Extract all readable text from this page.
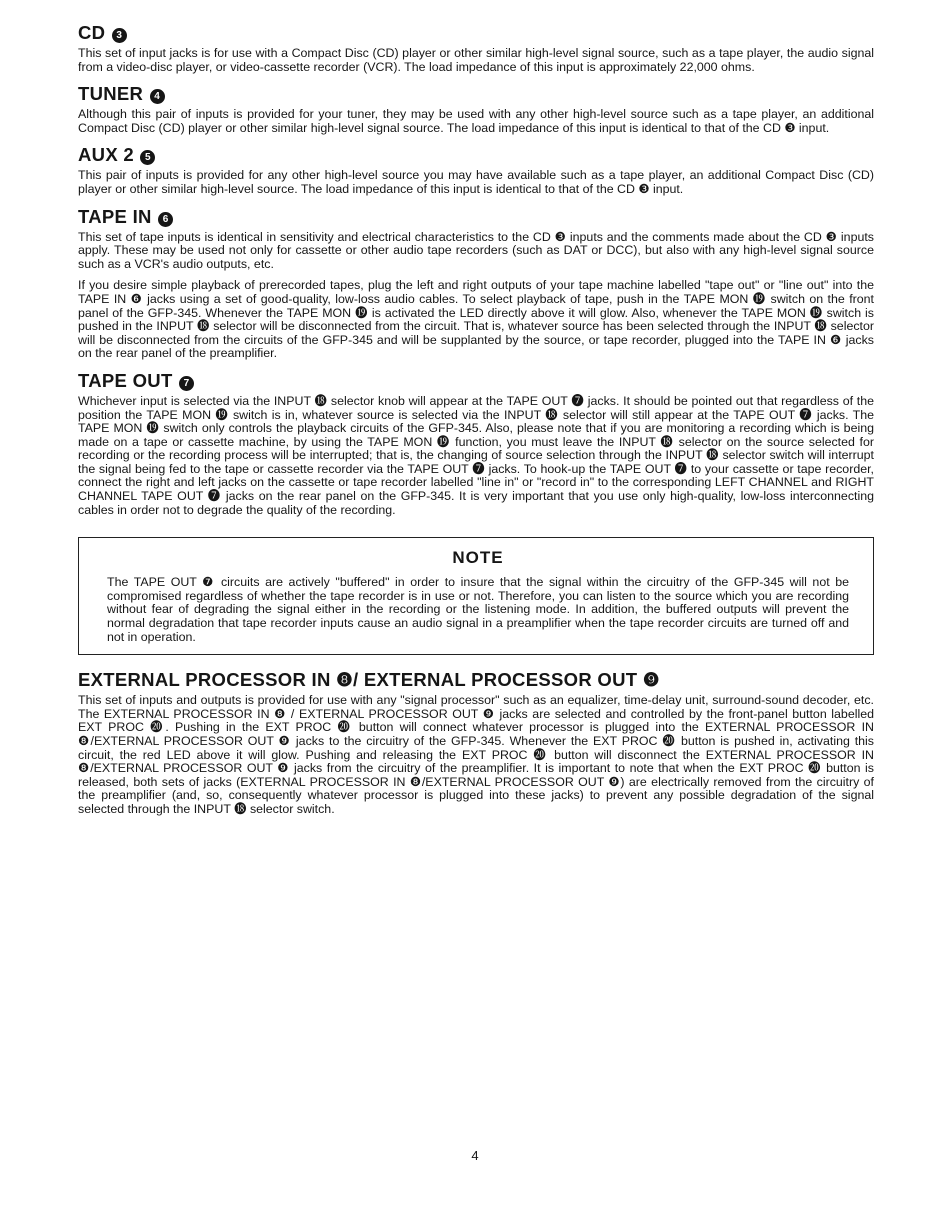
CD 3

This set of input jacks is for use with a Compact Disc (CD) player or other similar high-level signal source, such as a tape player, the audio signal from a video-disc player, or video-cassette recorder (VCR). The load impedance of this input is approximately 22,000 ohms.

TUNER 4

Although this pair of inputs is provided for your tuner, they may be used with any other high-level source such as a tape player, an additional Compact Disc (CD) player or other similar high-level signal source. The load impedance of this input is identical to that of the CD ❸ input.

AUX 2 5

This pair of inputs is provided for any other high-level source you may have available such as a tape player, an additional Compact Disc (CD) player or other similar high-level source. The load impedance of this input is identical to that of the CD ❸ input.

TAPE IN 6

This set of tape inputs is identical in sensitivity and electrical characteristics to the CD ❸ inputs and the comments made about the CD ❸ inputs apply. These may be used not only for cassette or other audio tape recorders (such as DAT or DCC), but also with any high-level signal source such as a VCR's audio outputs, etc.

If you desire simple playback of prerecorded tapes, plug the left and right outputs of your tape machine labelled "tape out" or "line out" into the TAPE IN ❻ jacks using a set of good-quality, low-loss audio cables. To select playback of tape, push in the TAPE MON ⓳ switch on the front panel of the GFP-345. Whenever the TAPE MON ⓳ is activated the LED directly above it will glow. Also, whenever the TAPE MON ⓳ switch is pushed in the INPUT ⓲ selector will be disconnected from the circuit. That is, whatever source has been selected through the INPUT ⓲ selector will be disconnected from the circuits of the GFP-345 and will be supplanted by the source, or tape recorder, plugged into the TAPE IN ❻ jacks on the rear panel of the preamplifier.

TAPE OUT 7

Whichever input is selected via the INPUT ⓲ selector knob will appear at the TAPE OUT ❼ jacks. It should be pointed out that regardless of the position the TAPE MON ⓳ switch is in, whatever source is selected via the INPUT ⓲ selector will still appear at the TAPE OUT ❼ jacks. The TAPE MON ⓳ switch only controls the playback circuits of the GFP-345. Also, please note that if you are monitoring a recording which is being made on a tape or cassette machine, by using the TAPE MON ⓳ function, you must leave the INPUT ⓲ selector on the source selected for recording or the recording process will be interrupted; that is, the changing of source selection through the INPUT ⓲ selector switch will interrupt the signal being fed to the tape or cassette recorder via the TAPE OUT ❼ jacks. To hook-up the TAPE OUT ❼ to your cassette or tape recorder, connect the right and left jacks on the cassette or tape recorder labelled "line in" or "record in" to the corresponding LEFT CHANNEL and RIGHT CHANNEL TAPE OUT ❼ jacks on the rear panel on the GFP-345. It is very important that you use only high-quality, low-loss interconnecting cables in order not to degrade the quality of the recording.

NOTE

The TAPE OUT ❼ circuits are actively "buffered" in order to insure that the signal within the circuitry of the GFP-345 will not be compromised regardless of whether the tape recorder is in use or not. Therefore, you can listen to the source which you are recording without fear of degrading the signal either in the recording or the listening mode. In addition, the buffered outputs will prevent the normal degradation that tape recorder inputs cause an audio signal in a preamplifier when the tape recorder circuits are turned off and not in operation.

EXTERNAL PROCESSOR IN ❽/ EXTERNAL PROCESSOR OUT ❾

This set of inputs and outputs is provided for use with any "signal processor" such as an equalizer, time-delay unit, surround-sound decoder, etc. The EXTERNAL PROCESSOR IN ❽ / EXTERNAL PROCESSOR OUT ❾ jacks are selected and controlled by the front-panel button labelled EXT PROC ⓴. Pushing in the EXT PROC ⓴ button will connect whatever processor is plugged into the EXTERNAL PROCESSOR IN ❽/EXTERNAL PROCESSOR OUT ❾ jacks to the circuitry of the GFP-345. Whenever the EXT PROC ⓴ button is pushed in, activating this circuit, the red LED above it will glow. Pushing and releasing the EXT PROC ⓴ button will disconnect the EXTERNAL PROCESSOR IN ❽/EXTERNAL PROCESSOR OUT ❾ jacks from the circuitry of the preamplifier. It is important to note that when the EXT PROC ⓴ button is released, both sets of jacks (EXTERNAL PROCESSOR IN ❽/EXTERNAL PROCESSOR OUT ❾) are electrically removed from the circuitry of the preamplifier (and, so, consequently whatever processor is plugged into these jacks) to prevent any possible degradation of the signal selected through the INPUT ⓲ selector switch.

4
